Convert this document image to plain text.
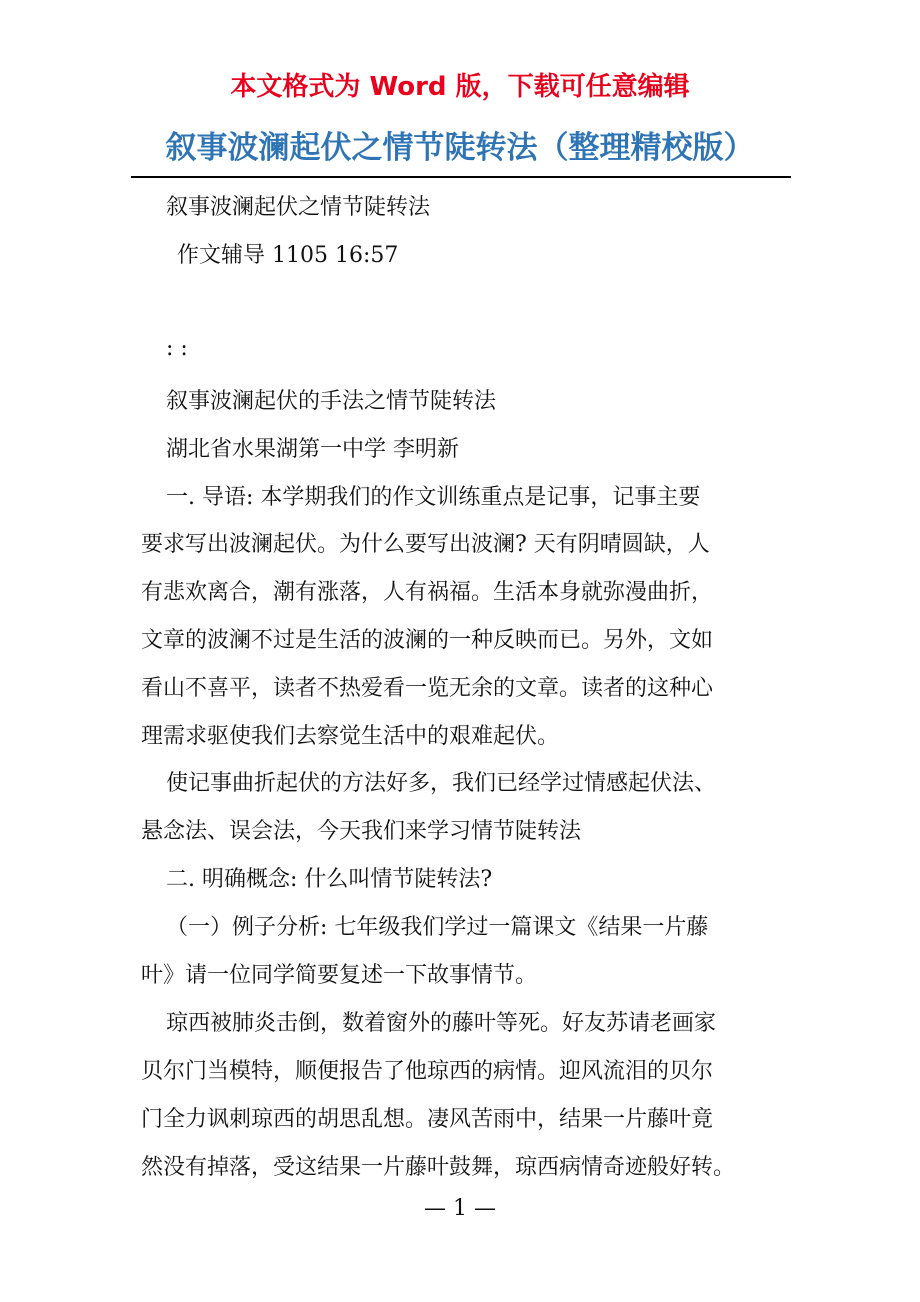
本文格式为 Word 版，下载可任意编辑
叙事波澜起伏之情节陡转法（整理精校版）
叙事波澜起伏之情节陡转法
作文辅导 1105 16:57
: :
叙事波澜起伏的手法之情节陡转法
湖北省水果湖第一中学 李明新
一. 导语: 本学期我们的作文训练重点是记事，记事主要
要求写出波澜起伏。为什么要写出波澜? 天有阴晴圆缺，人
有悲欢离合，潮有涨落，人有祸福。生活本身就弥漫曲折，
文章的波澜不过是生活的波澜的一种反映而已。另外，文如
看山不喜平，读者不热爱看一览无余的文章。读者的这种心
理需求驱使我们去察觉生活中的艰难起伏。
使记事曲折起伏的方法好多，我们已经学过情感起伏法、
悬念法、误会法，今天我们来学习情节陡转法
二. 明确概念: 什么叫情节陡转法?
（一）例子分析: 七年级我们学过一篇课文《结果一片藤
叶》请一位同学简要复述一下故事情节。
琼西被肺炎击倒，数着窗外的藤叶等死。好友苏请老画家
贝尔门当模特，顺便报告了他琼西的病情。迎风流泪的贝尔
门全力讽刺琼西的胡思乱想。凄风苦雨中，结果一片藤叶竟
然没有掉落，受这结果一片藤叶鼓舞，琼西病情奇迹般好转。
— 1 —
